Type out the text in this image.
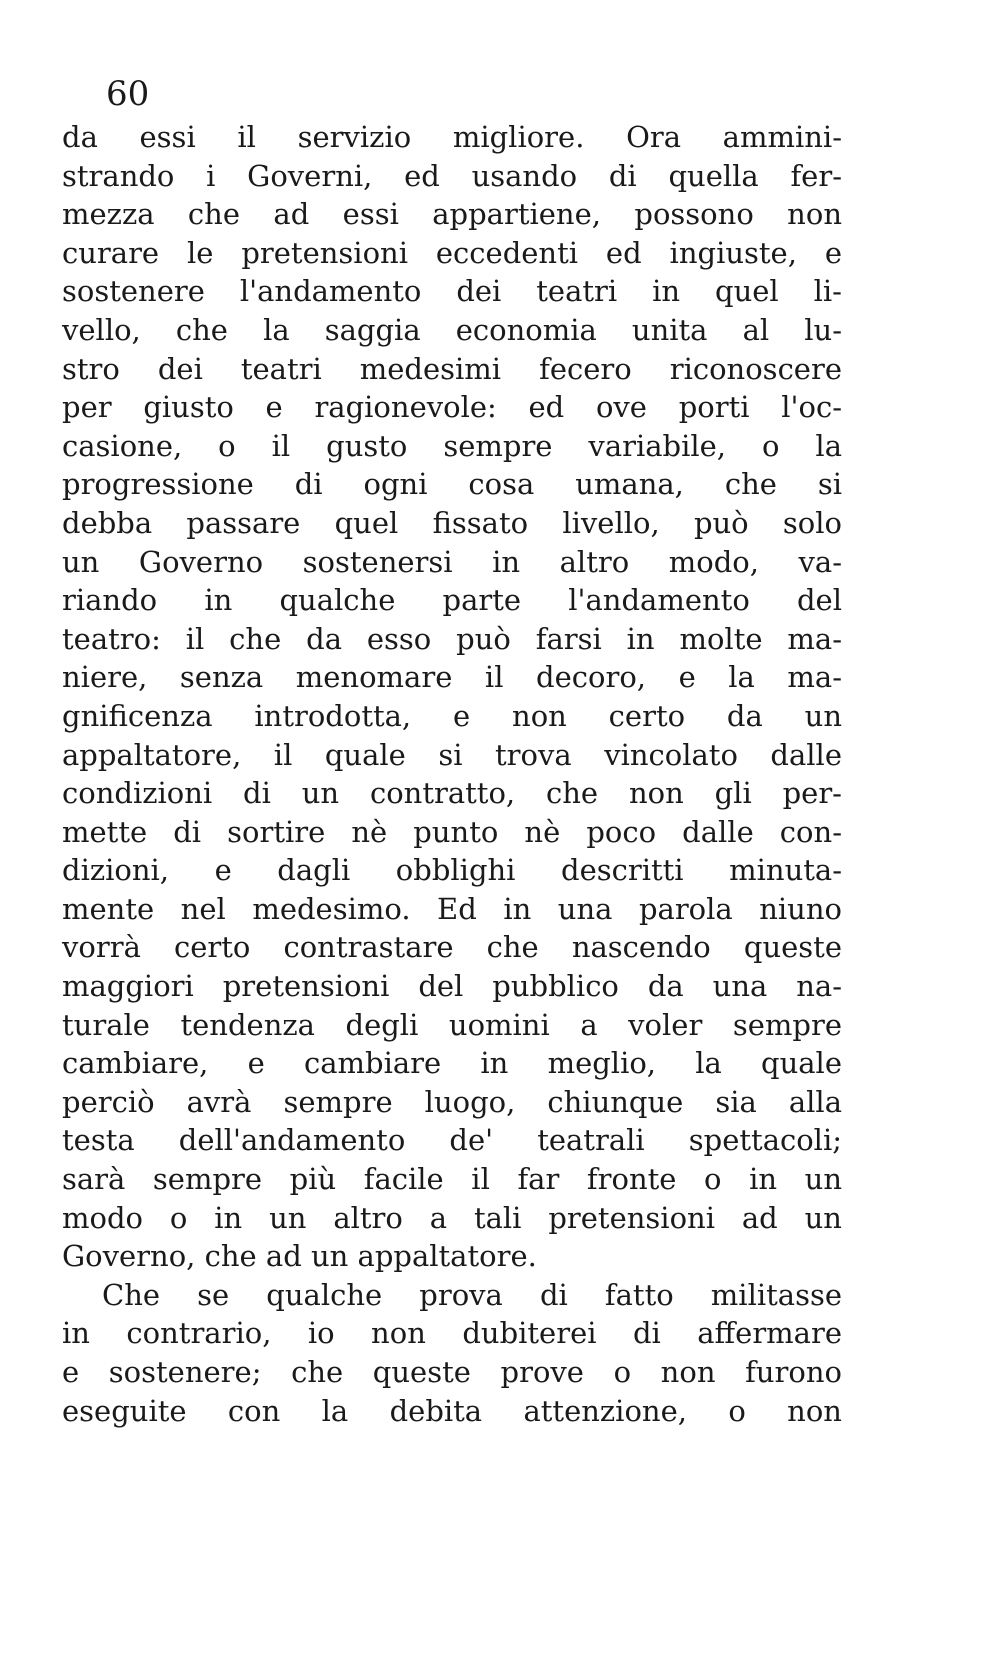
60
da essi il servizio migliore. Ora ammini-
strando i Governi, ed usando di quella fer-
mezza che ad essi appartiene, possono non
curare le pretensioni eccedenti ed ingiuste, e
sostenere l'andamento dei teatri in quel li-
vello, che la saggia economia unita al lu-
stro dei teatri medesimi fecero riconoscere
per giusto e ragionevole: ed ove porti l'oc-
casione, o il gusto sempre variabile, o la
progressione di ogni cosa umana, che si
debba passare quel fissato livello, può solo
un Governo sostenersi in altro modo, va-
riando in qualche parte l'andamento del
teatro: il che da esso può farsi in molte ma-
niere, senza menomare il decoro, e la ma-
gnificenza introdotta, e non certo da un
appaltatore, il quale si trova vincolato dalle
condizioni di un contratto, che non gli per-
mette di sortire nè punto nè poco dalle con-
dizioni, e dagli obblighi descritti minuta-
mente nel medesimo. Ed in una parola niuno
vorrà certo contrastare che nascendo queste
maggiori pretensioni del pubblico da una na-
turale tendenza degli uomini a voler sempre
cambiare, e cambiare in meglio, la quale
perciò avrà sempre luogo, chiunque sia alla
testa dell'andamento de' teatrali spettacoli;
sarà sempre più facile il far fronte o in un
modo o in un altro a tali pretensioni ad un
Governo, che ad un appaltatore.
Che se qualche prova di fatto militasse
in contrario, io non dubiterei di affermare
e sostenere; che queste prove o non furono
eseguite con la debita attenzione, o non
